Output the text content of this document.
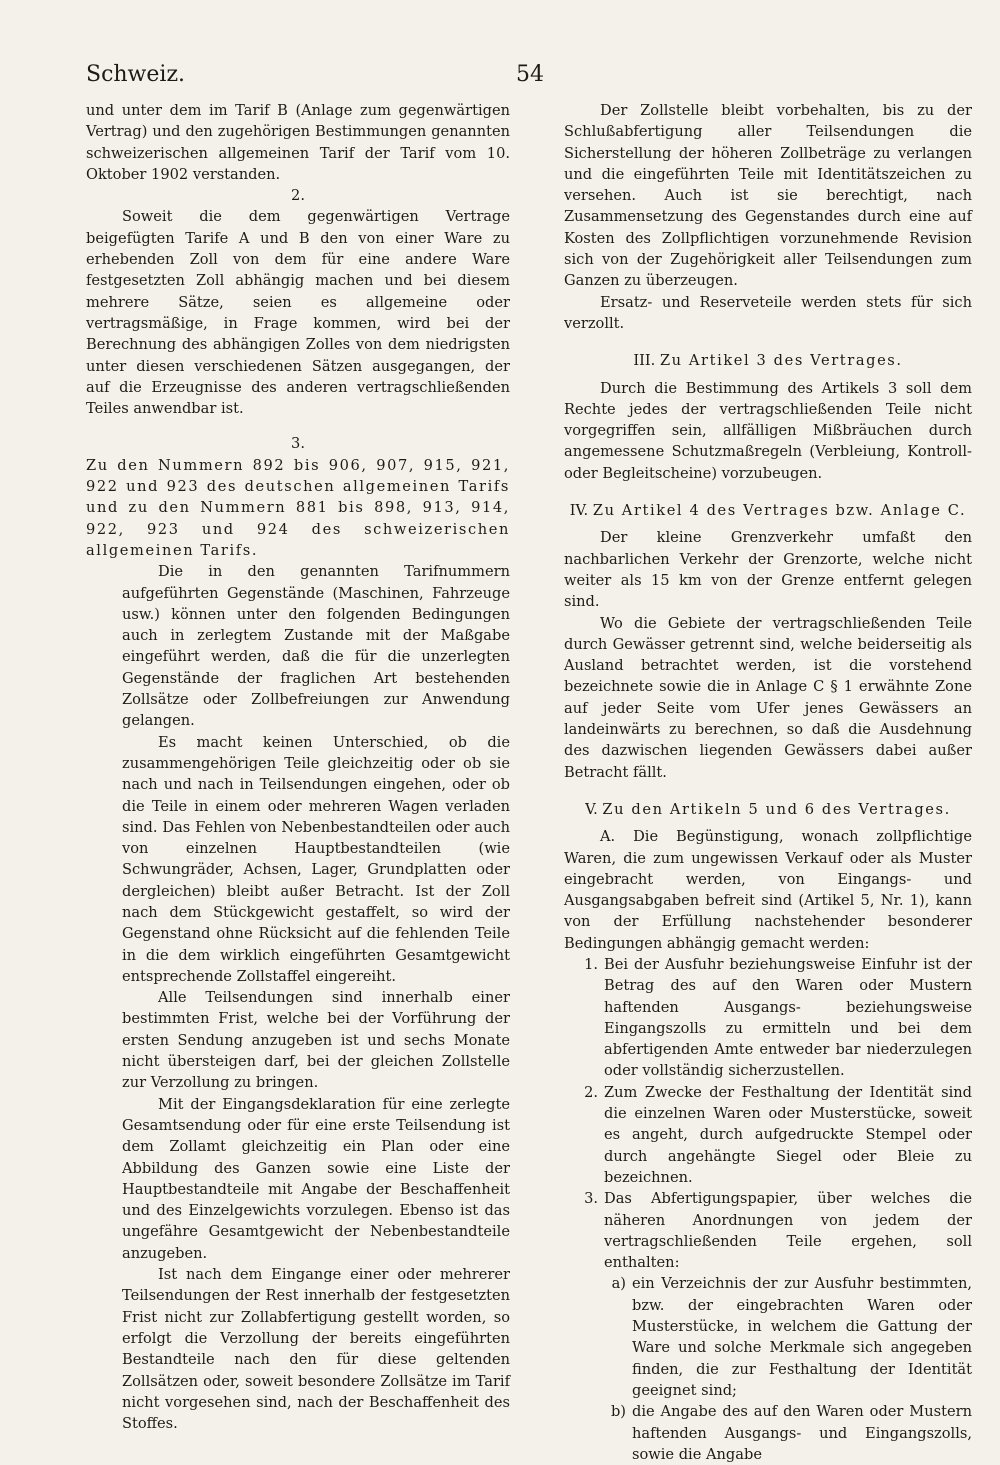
Schweiz.	54

und unter dem im Tarif B (Anlage zum gegenwärtigen Vertrag) und den zugehörigen Bestimmungen genannten schweizerischen allgemeinen Tarif der Tarif vom 10. Oktober 1902 verstanden.

2.

Soweit die dem gegenwärtigen Vertrage beigefügten Tarife A und B den von einer Ware zu erhebenden Zoll von dem für eine andere Ware festgesetzten Zoll abhängig machen und bei diesem mehrere Sätze, seien es allgemeine oder vertragsmäßige, in Frage kommen, wird bei der Berechnung des abhängigen Zolles von dem niedrigsten unter diesen verschiedenen Sätzen ausgegangen, der auf die Erzeugnisse des anderen vertragschließenden Teiles anwendbar ist.

3.

Zu den Nummern 892 bis 906, 907, 915, 921, 922 und 923 des deutschen allgemeinen Tarifs und zu den Nummern 881 bis 898, 913, 914, 922, 923 und 924 des schweizerischen allgemeinen Tarifs.

Die in den genannten Tarifnummern aufgeführten Gegenstände (Maschinen, Fahrzeuge usw.) können unter den folgenden Bedingungen auch in zerlegtem Zustande mit der Maßgabe eingeführt werden, daß die für die unzerlegten Gegenstände der fraglichen Art bestehenden Zollsätze oder Zollbefreiungen zur Anwendung gelangen.

Es macht keinen Unterschied, ob die zusammengehörigen Teile gleichzeitig oder ob sie nach und nach in Teilsendungen eingehen, oder ob die Teile in einem oder mehreren Wagen verladen sind. Das Fehlen von Nebenbestandteilen oder auch von einzelnen Hauptbestandteilen (wie Schwungräder, Achsen, Lager, Grundplatten oder dergleichen) bleibt außer Betracht. Ist der Zoll nach dem Stückgewicht gestaffelt, so wird der Gegenstand ohne Rücksicht auf die fehlenden Teile in die dem wirklich eingeführten Gesamtgewicht entsprechende Zollstaffel eingereiht.

Alle Teilsendungen sind innerhalb einer bestimmten Frist, welche bei der Vorführung der ersten Sendung anzugeben ist und sechs Monate nicht übersteigen darf, bei der gleichen Zollstelle zur Verzollung zu bringen.

Mit der Eingangsdeklaration für eine zerlegte Gesamtsendung oder für eine erste Teilsendung ist dem Zollamt gleichzeitig ein Plan oder eine Abbildung des Ganzen sowie eine Liste der Hauptbestandteile mit Angabe der Beschaffenheit und des Einzelgewichts vorzulegen. Ebenso ist das ungefähre Gesamtgewicht der Nebenbestandteile anzugeben.

Ist nach dem Eingange einer oder mehrerer Teilsendungen der Rest innerhalb der festgesetzten Frist nicht zur Zollabfertigung gestellt worden, so erfolgt die Verzollung der bereits eingeführten Bestandteile nach den für diese geltenden Zollsätzen oder, soweit besondere Zollsätze im Tarif nicht vorgesehen sind, nach der Beschaffenheit des Stoffes.

Der Zollstelle bleibt vorbehalten, bis zu der Schlußabfertigung aller Teilsendungen die Sicherstellung der höheren Zollbeträge zu verlangen und die eingeführten Teile mit Identitätszeichen zu versehen. Auch ist sie berechtigt, nach Zusammensetzung des Gegenstandes durch eine auf Kosten des Zollpflichtigen vorzunehmende Revision sich von der Zugehörigkeit aller Teilsendungen zum Ganzen zu überzeugen.

Ersatz- und Reserveteile werden stets für sich verzollt.

III. Zu Artikel 3 des Vertrages.

Durch die Bestimmung des Artikels 3 soll dem Rechte jedes der vertragschließenden Teile nicht vorgegriffen sein, allfälligen Mißbräuchen durch angemessene Schutzmaßregeln (Verbleiung, Kontroll- oder Begleitscheine) vorzubeugen.

IV. Zu Artikel 4 des Vertrages bzw. Anlage C.

Der kleine Grenzverkehr umfaßt den nachbarlichen Verkehr der Grenzorte, welche nicht weiter als 15 km von der Grenze entfernt gelegen sind.

Wo die Gebiete der vertragschließenden Teile durch Gewässer getrennt sind, welche beiderseitig als Ausland betrachtet werden, ist die vorstehend bezeichnete sowie die in Anlage C § 1 erwähnte Zone auf jeder Seite vom Ufer jenes Gewässers an landeinwärts zu berechnen, so daß die Ausdehnung des dazwischen liegenden Gewässers dabei außer Betracht fällt.

V. Zu den Artikeln 5 und 6 des Vertrages.

A. Die Begünstigung, wonach zollpflichtige Waren, die zum ungewissen Verkauf oder als Muster eingebracht werden, von Eingangs- und Ausgangsabgaben befreit sind (Artikel 5, Nr. 1), kann von der Erfüllung nachstehender besonderer Bedingungen abhängig gemacht werden:

1. Bei der Ausfuhr beziehungsweise Einfuhr ist der Betrag des auf den Waren oder Mustern haftenden Ausgangs- beziehungsweise Eingangszolls zu ermitteln und bei dem abfertigenden Amte entweder bar niederzulegen oder vollständig sicherzustellen.
2. Zum Zwecke der Festhaltung der Identität sind die einzelnen Waren oder Musterstücke, soweit es angeht, durch aufgedruckte Stempel oder durch angehängte Siegel oder Bleie zu bezeichnen.
3. Das Abfertigungspapier, über welches die näheren Anordnungen von jedem der vertragschließenden Teile ergehen, soll enthalten:
a) ein Verzeichnis der zur Ausfuhr bestimmten, bzw. der eingebrachten Waren oder Musterstücke, in welchem die Gattung der Ware und solche Merkmale sich angegeben finden, die zur Festhaltung der Identität geeignet sind;
b) die Angabe des auf den Waren oder Mustern haftenden Ausgangs- und Eingangszolls, sowie die Angabe
